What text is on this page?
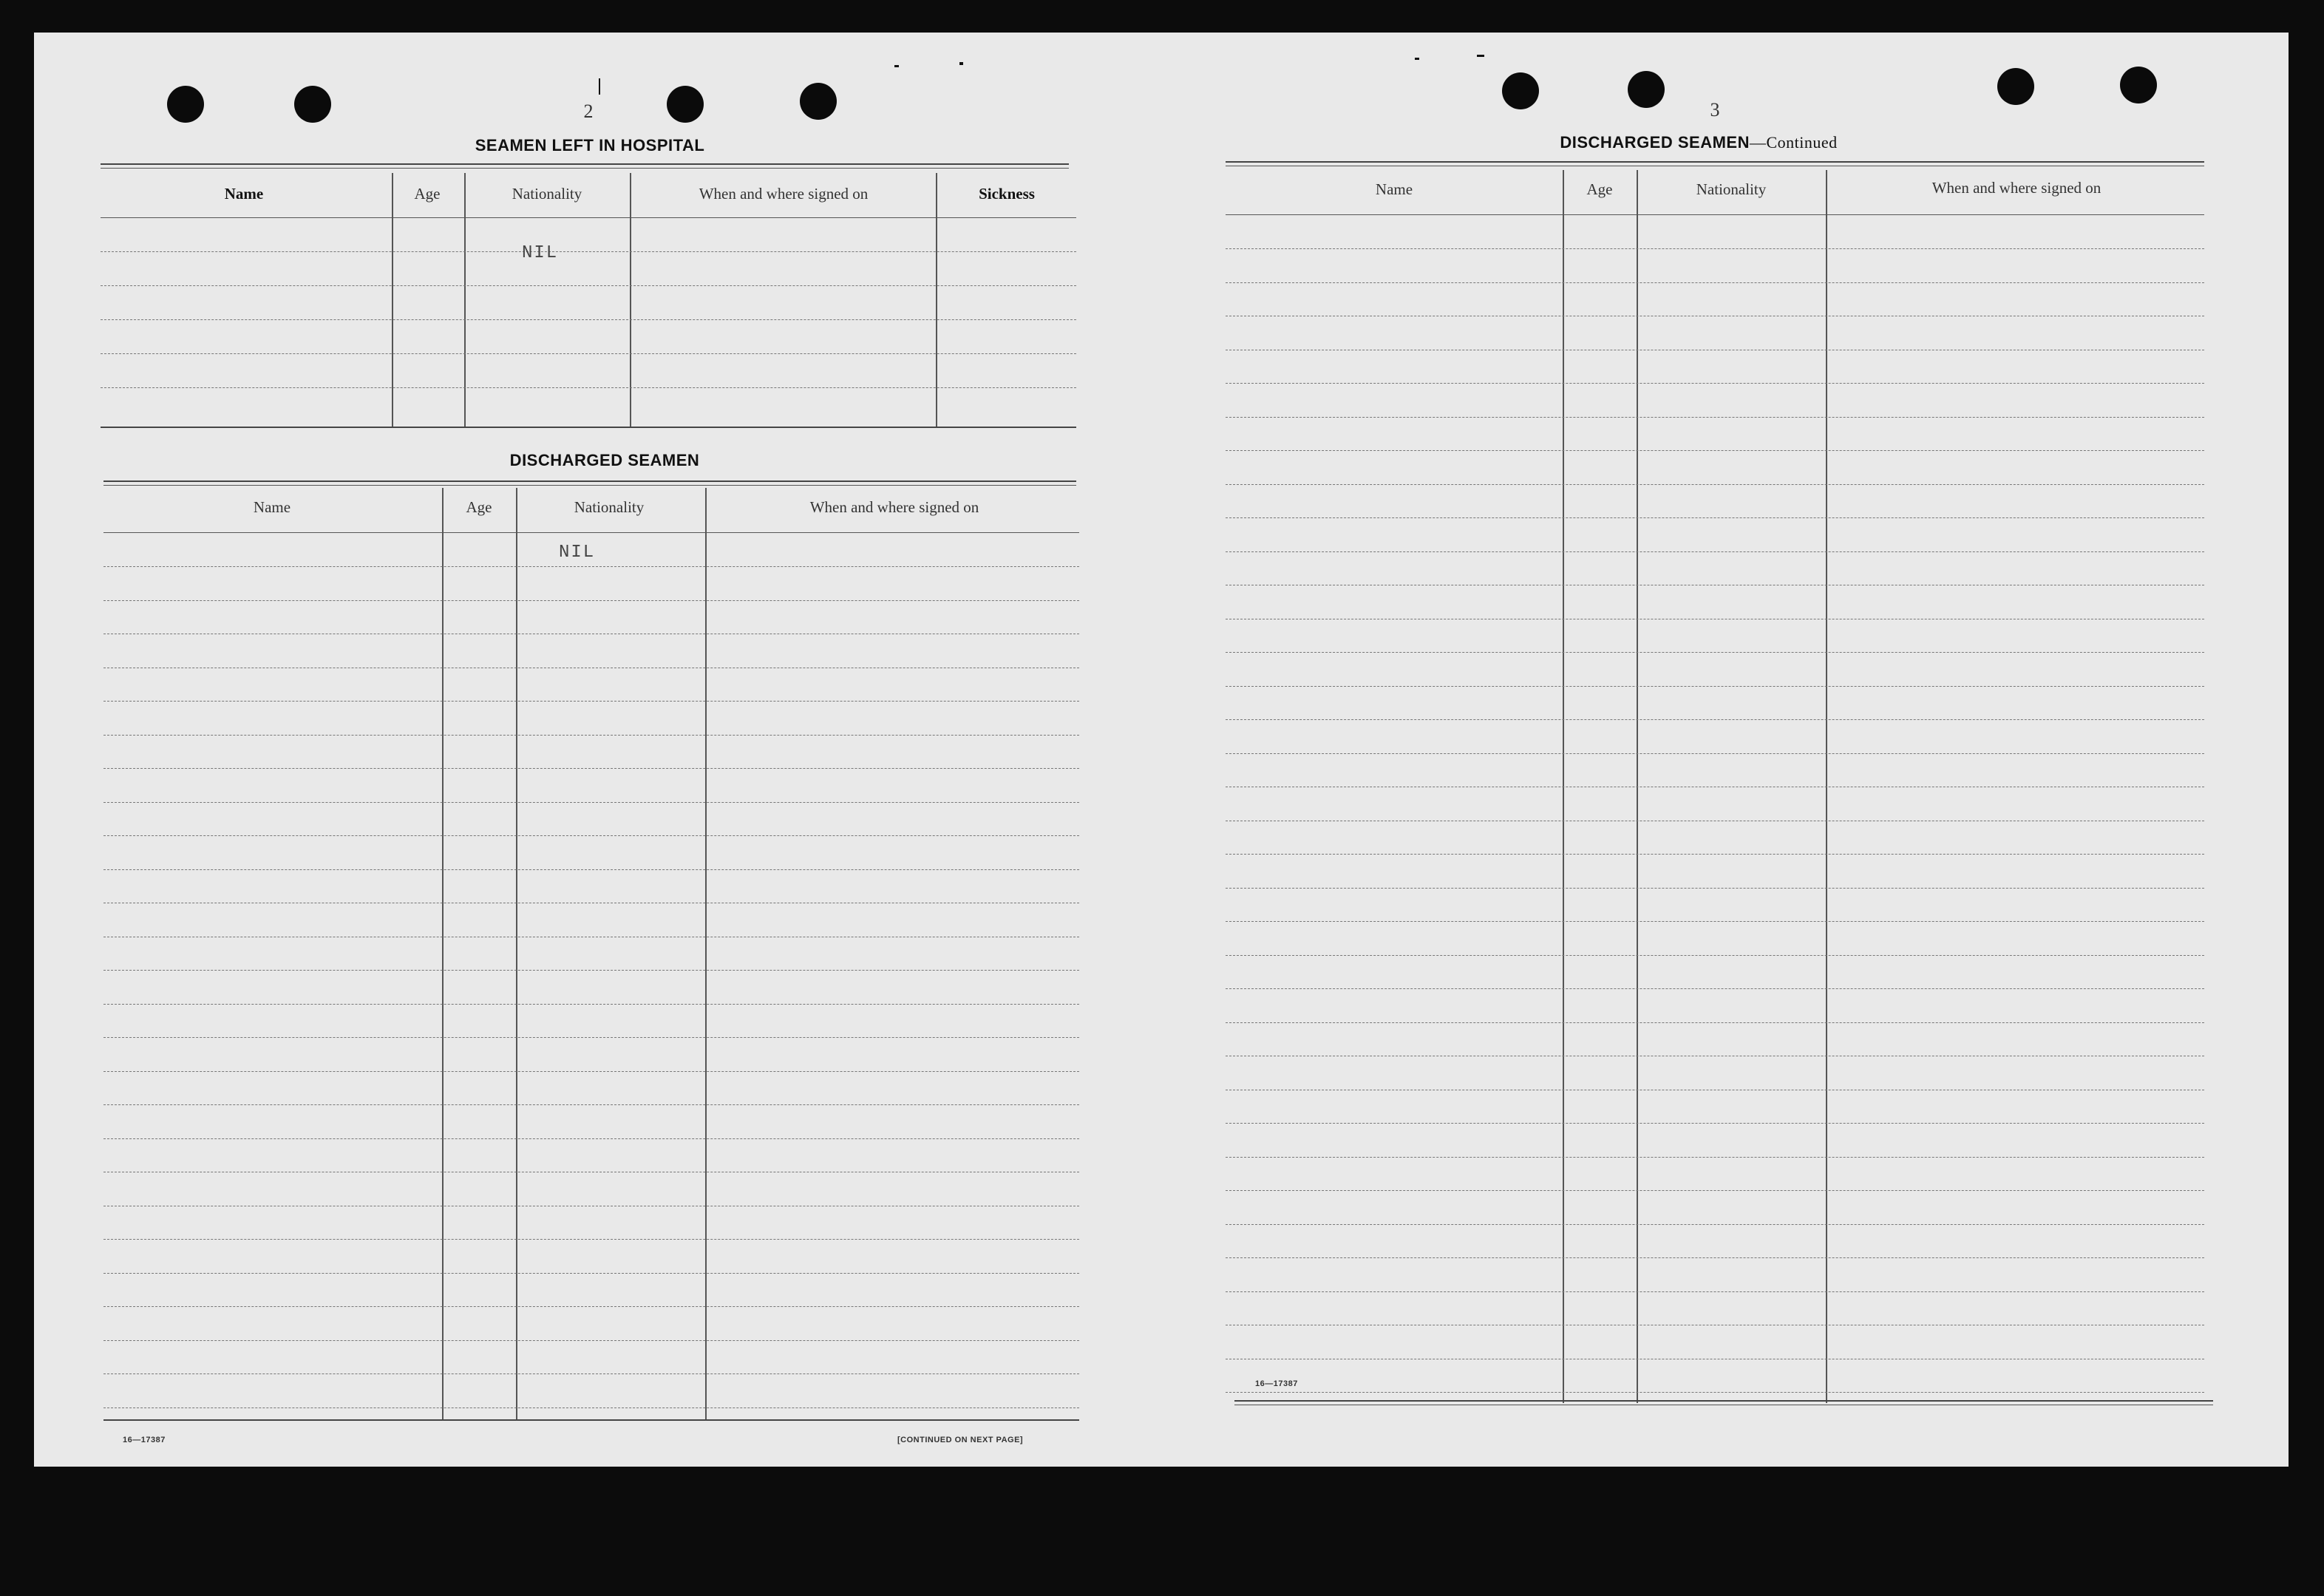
2
SEAMEN LEFT IN HOSPITAL
Name	Age	Nationality	When and where signed on	Sickness
NIL
DISCHARGED SEAMEN
Name	Age	Nationality	When and where signed on
NIL
16—17387	[CONTINUED ON NEXT PAGE]
3
DISCHARGED SEAMEN—Continued
Name	Age	Nationality	When and where signed on
16—17387
